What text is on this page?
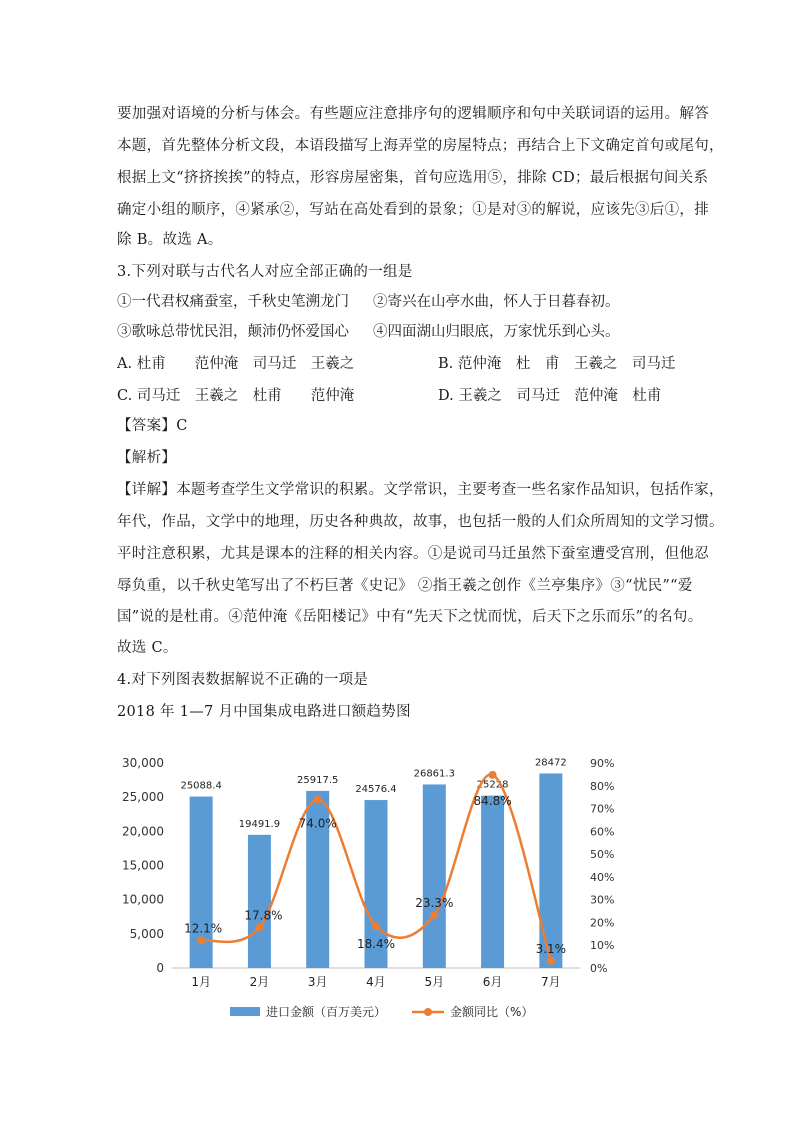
要加强对语境的分析与体会。有些题应注意排序句的逻辑顺序和句中关联词语的运用。解答
本题，首先整体分析文段，本语段描写上海弄堂的房屋特点；再结合上下文确定首句或尾句，
根据上文“挤挤挨挨”的特点，形容房屋密集，首句应选用⑤，排除 CD；最后根据句间关系
确定小组的顺序，④紧承②，写站在高处看到的景象；①是对③的解说，应该先③后①，排
除 B。故选 A。
3.下列对联与古代名人对应全部正确的一组是
①一代君权痛蚕室，千秋史笔溯龙门 ②寄兴在山亭水曲，怀人于日暮春初。
③歌咏总带忧民泪，颠沛仍怀爱国心 ④四面湖山归眼底，万家忧乐到心头。
A. 杜甫　　范仲淹　司马迁　王羲之	B. 范仲淹　杜　甫　王羲之　司马迁
C. 司马迁　王羲之　杜甫　　范仲淹	D. 王羲之　司马迁　范仲淹　杜甫
【答案】C
【解析】
【详解】本题考查学生文学常识的积累。文学常识，主要考查一些名家作品知识，包括作家，
年代，作品，文学中的地理，历史各种典故，故事，也包括一般的人们众所周知的文学习惯。
平时注意积累，尤其是课本的注释的相关内容。①是说司马迁虽然下蚕室遭受宫刑，但他忍
辱负重，以千秋史笔写出了不朽巨著《史记》 ②指王羲之创作《兰亭集序》③“忧民”“爱
国”说的是杜甫。④范仲淹《岳阳楼记》中有“先天下之忧而忧，后天下之乐而乐”的名句。
故选 C。
4.对下列图表数据解说不正确的一项是
2018 年 1—7 月中国集成电路进口额趋势图
0
5,000
10,000
15,000
20,000
25,000
30,000
0%
10%
20%
30%
40%
50%
60%
70%
80%
90%
25088.4
1月
19491.9
2月
25917.5
3月
24576.4
4月
26861.3
5月
25228
6月
28472
7月
12.1%
17.8%
74.0%
18.4%
23.3%
84.8%
3.1%
进口金额（百万美元）	金额同比（%）
